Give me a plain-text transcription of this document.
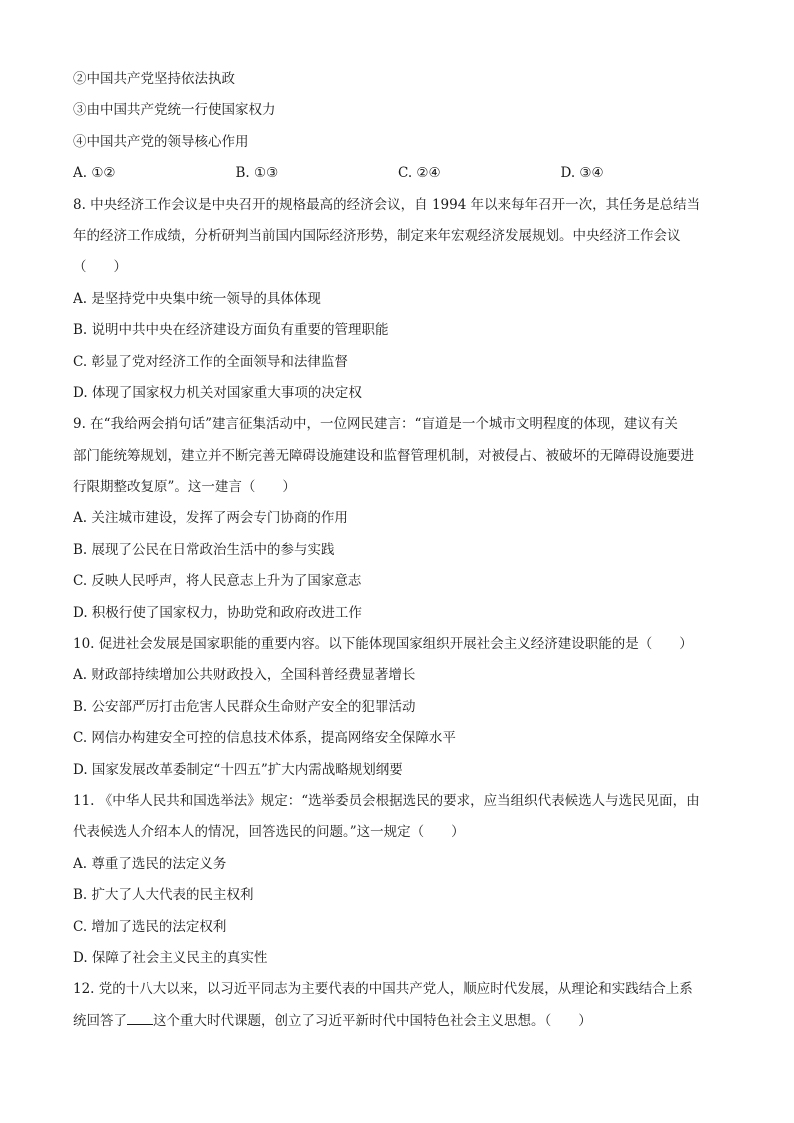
②中国共产党坚持依法执政
③由中国共产党统一行使国家权力
④中国共产党的领导核心作用
A. ①②	B. ①③	C. ②④	D. ③④
8. 中央经济工作会议是中央召开的规格最高的经济会议，自 1994 年以来每年召开一次，其任务是总结当
年的经济工作成绩，分析研判当前国内国际经济形势，制定来年宏观经济发展规划。中央经济工作会议
（　　）
A. 是坚持党中央集中统一领导的具体体现
B. 说明中共中央在经济建设方面负有重要的管理职能
C. 彰显了党对经济工作的全面领导和法律监督
D. 体现了国家权力机关对国家重大事项的决定权
9. 在“我给两会捎句话”建言征集活动中，一位网民建言：“盲道是一个城市文明程度的体现，建议有关
部门能统筹规划，建立并不断完善无障碍设施建设和监督管理机制，对被侵占、被破坏的无障碍设施要进
行限期整改复原”。这一建言（　　）
A. 关注城市建设，发挥了两会专门协商的作用
B. 展现了公民在日常政治生活中的参与实践
C. 反映人民呼声，将人民意志上升为了国家意志
D. 积极行使了国家权力，协助党和政府改进工作
10. 促进社会发展是国家职能的重要内容。以下能体现国家组织开展社会主义经济建设职能的是（　　）
A. 财政部持续增加公共财政投入，全国科普经费显著增长
B. 公安部严厉打击危害人民群众生命财产安全的犯罪活动
C. 网信办构建安全可控的信息技术体系，提高网络安全保障水平
D. 国家发展改革委制定“十四五”扩大内需战略规划纲要
11. 《中华人民共和国选举法》规定：“选举委员会根据选民的要求，应当组织代表候选人与选民见面，由
代表候选人介绍本人的情况，回答选民的问题。”这一规定（　　）
A. 尊重了选民的法定义务
B. 扩大了人大代表的民主权利
C. 增加了选民的法定权利
D. 保障了社会主义民主的真实性
12. 党的十八大以来，以习近平同志为主要代表的中国共产党人，顺应时代发展，从理论和实践结合上系
统回答了 这个重大时代课题，创立了习近平新时代中国特色社会主义思想。（　　）
